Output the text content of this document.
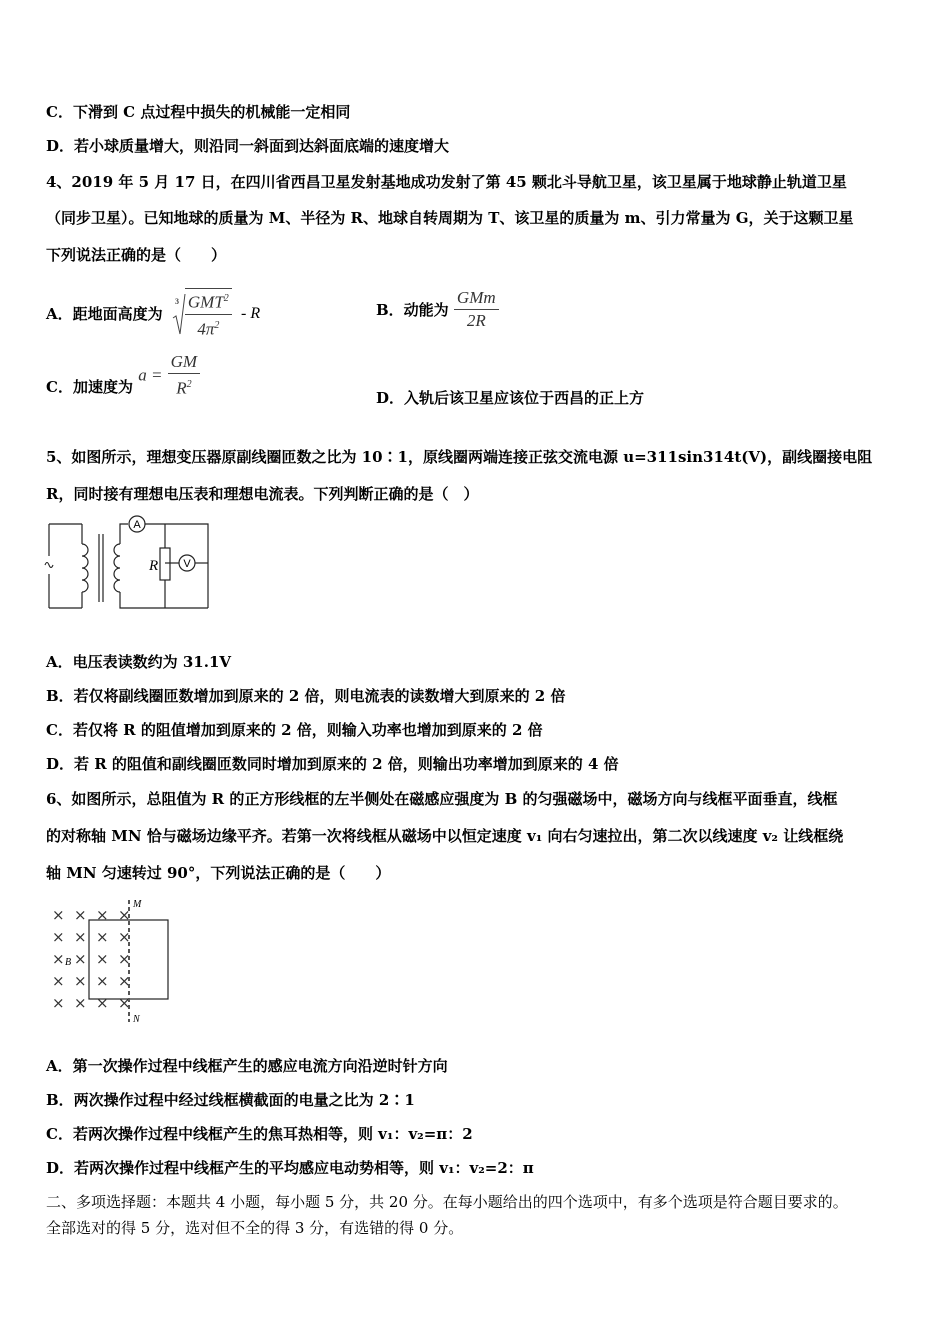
C．下滑到 C 点过程中损失的机械能一定相同
D．若小球质量增大，则沿同一斜面到达斜面底端的速度增大
4、2019 年 5 月 17 日，在四川省西昌卫星发射基地成功发射了第 45 颗北斗导航卫星，该卫星属于地球静止轨道卫星
（同步卫星）。已知地球的质量为 M、半径为 R、地球自转周期为 T、该卫星的质量为 m、引力常量为 G，关于这颗卫星
下列说法正确的是（　　）
A．距地面高度为
$3 \frac{GMT^2}{4\pi^2}$ - R	B．动能为 $\frac{\text{GMm}}{2R}$
C．加速度为 $a = \frac{GM}{R^2}$	D．入轨后该卫星应该位于西昌的正上方
5、如图所示，理想变压器原副线圈匝数之比为 10∶1，原线圈两端连接正弦交流电源 u=311sin314t(V)，副线圈接电阻
R，同时接有理想电压表和理想电流表。下列判断正确的是（　）
A
R V
A．电压表读数约为 31.1V
B．若仅将副线圈匝数增加到原来的 2 倍，则电流表的读数增大到原来的 2 倍
C．若仅将 R 的阻值增加到原来的 2 倍，则输入功率也增加到原来的 2 倍
D．若 R 的阻值和副线圈匝数同时增加到原来的 2 倍，则输出功率增加到原来的 4 倍
6、如图所示，总阻值为 R 的正方形线框的左半侧处在磁感应强度为 B 的匀强磁场中，磁场方向与线框平面垂直，线框
的对称轴 MN 恰与磁场边缘平齐。若第一次将线框从磁场中以恒定速度 v₁ 向右匀速拉出，第二次以线速度 v₂ 让线框绕
轴 MN 匀速转过 90°，下列说法正确的是（　　）
× × × ×
× × × ×
× × × ×
× × × ×
× × × ×
B
M
N
A．第一次操作过程中线框产生的感应电流方向沿逆时针方向
B．两次操作过程中经过线框横截面的电量之比为 2∶1
C．若两次操作过程中线框产生的焦耳热相等，则 v₁：v₂=π：2
D．若两次操作过程中线框产生的平均感应电动势相等，则 v₁：v₂=2：π
二、多项选择题：本题共 4 小题，每小题 5 分，共 20 分。在每小题给出的四个选项中，有多个选项是符合题目要求的。
全部选对的得 5 分，选对但不全的得 3 分，有选错的得 0 分。
